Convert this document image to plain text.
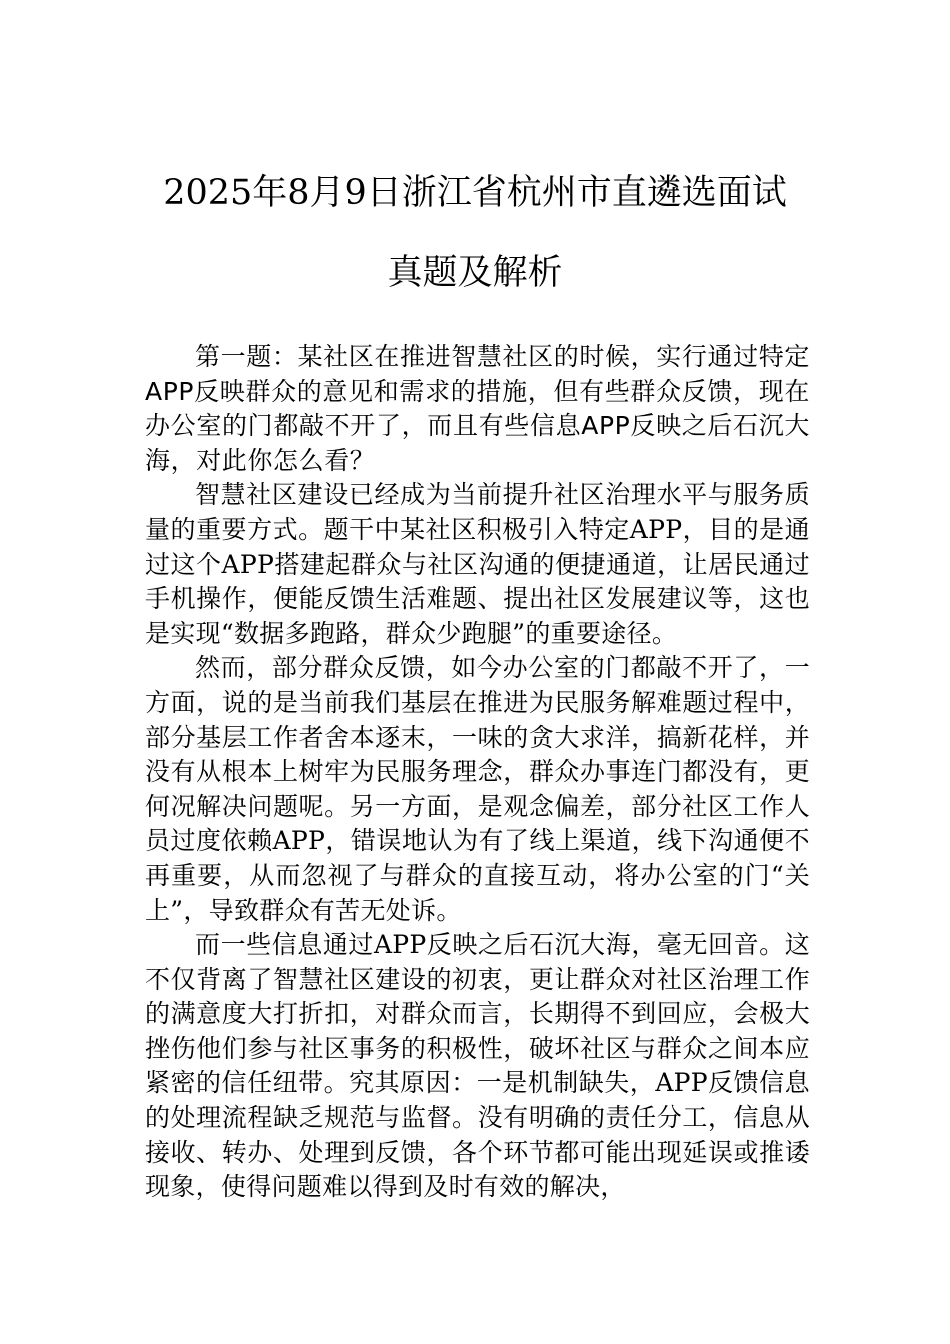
2025年8月9日浙江省杭州市直遴选面试
真题及解析

第一题：某社区在推进智慧社区的时候，实行通过特定APP反映群众的意见和需求的措施，但有些群众反馈，现在办公室的门都敲不开了，而且有些信息APP反映之后石沉大海，对此你怎么看？

智慧社区建设已经成为当前提升社区治理水平与服务质量的重要方式。题干中某社区积极引入特定APP，目的是通过这个APP搭建起群众与社区沟通的便捷通道，让居民通过手机操作，便能反馈生活难题、提出社区发展建议等，这也是实现“数据多跑路，群众少跑腿”的重要途径。

然而，部分群众反馈，如今办公室的门都敲不开了，一方面，说的是当前我们基层在推进为民服务解难题过程中，部分基层工作者舍本逐末，一味的贪大求洋，搞新花样，并没有从根本上树牢为民服务理念，群众办事连门都没有，更何况解决问题呢。另一方面，是观念偏差，部分社区工作人员过度依赖APP，错误地认为有了线上渠道，线下沟通便不再重要，从而忽视了与群众的直接互动，将办公室的门“关上”，导致群众有苦无处诉。

而一些信息通过APP反映之后石沉大海，毫无回音。这不仅背离了智慧社区建设的初衷，更让群众对社区治理工作的满意度大打折扣，对群众而言，长期得不到回应，会极大挫伤他们参与社区事务的积极性，破坏社区与群众之间本应紧密的信任纽带。究其原因：一是机制缺失，APP反馈信息的处理流程缺乏规范与监督。没有明确的责任分工，信息从接收、转办、处理到反馈，各个环节都可能出现延误或推诿现象，使得问题难以得到及时有效的解决，
